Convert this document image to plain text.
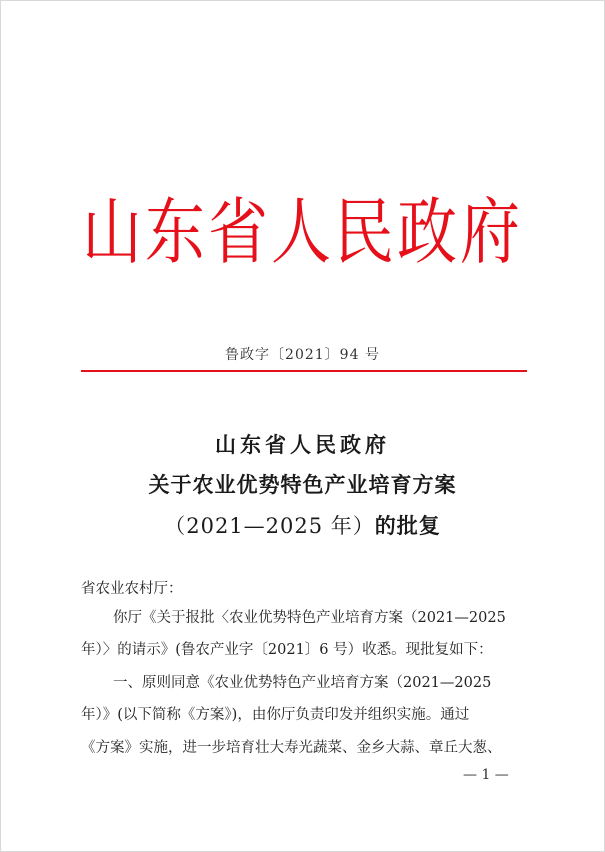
山东省人民政府
鲁政字〔2021〕94 号
山东省人民政府
关于农业优势特色产业培育方案
（2021—2025 年）的批复
省农业农村厅：
你厅《关于报批〈农业优势特色产业培育方案（2021—2025
年）〉的请示》(鲁农产业字〔2021〕6 号）收悉。现批复如下：
一、原则同意《农业优势特色产业培育方案（2021—2025
年）》(以下简称《方案》)，由你厅负责印发并组织实施。通过
《方案》实施，进一步培育壮大寿光蔬菜、金乡大蒜、章丘大葱、
— 1 —
